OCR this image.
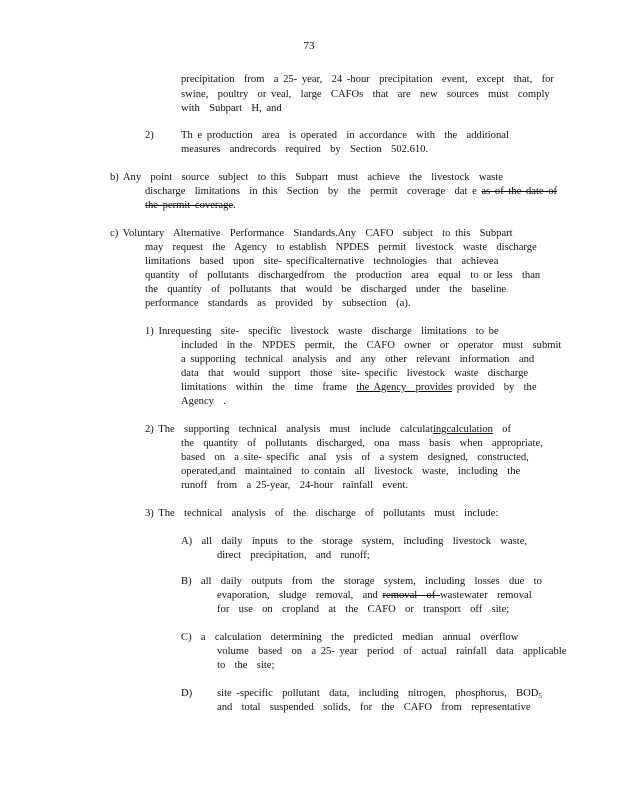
73
precipitation  from  a 25- year,  24 -hour  precipitation  event,  except  that,  for
swine,  poultry  or veal,  large  CAFOs  that  are  new  sources  must  comply
with  Subpart  H, and
2)	Th e production  area  is operated  in accordance  with  the  additional
measures  andrecords  required  by  Section  502.610.
b) Any  point  source  subject  to this  Subpart  must  achieve  the  livestock  waste
discharge  limitations  in this  Section  by  the  permit  coverage  dat e as of the date of
the permit coverage.
c) Voluntary  Alternative  Performance  Standards.Any  CAFO  subject  to this  Subpart
may  request  the  Agency  to establish  NPDES  permit  livestock  waste  discharge
limitations  based  upon  site- specificalternative  technologies  that  achievea
quantity  of  pollutants  dischargedfrom  the  production  area  equal  to or less  than
the  quantity  of  pollutants  that  would  be  discharged  under  the  baseline
performance  standards  as  provided  by  subsection  (a).
1) Inrequesting  site-  specific  livestock  waste  discharge  limitations  to be
included  in the  NPDES  permit,  the  CAFO  owner  or  operator  must  submit
a supporting  technical  analysis  and  any  other  relevant  information  and
data  that  would  support  those  site- specific  livestock  waste  discharge
limitations  within  the  time  frame  the Agency  provides provided  by  the
Agency  .
2) The  supporting  technical  analysis  must  include  calculatingcalculation  of
the  quantity  of  pollutants  discharged,  ona  mass  basis  when  appropriate,
based  on  a site- specific  anal  ysis  of  a system  designed,  constructed,
operated,and  maintained  to contain  all  livestock  waste,  including  the
runoff  from  a 25-year,  24-hour  rainfall  event.
3) The  technical  analysis  of  the  discharge  of  pollutants  must  include:
A)  all  daily  inputs  to the  storage  system,  including  livestock  waste,
direct  precipitation,  and  runoff;
B)  all  daily  outputs  from  the  storage  system,  including  losses  due  to
evaporation,  sludge  removal,  and removal  of wastewater  removal
for  use  on  cropland  at  the  CAFO  or  transport  off  site;
C)  a  calculation  determining  the  predicted  median  annual  overflow
volume  based  on  a 25- year  period  of  actual  rainfall  data  applicable
to  the  site;
D) site -specific  pollutant  data,  including  nitrogen,  phosphorus,  $BOD_5$
and  total  suspended  solids,  for  the  CAFO  from  representative
